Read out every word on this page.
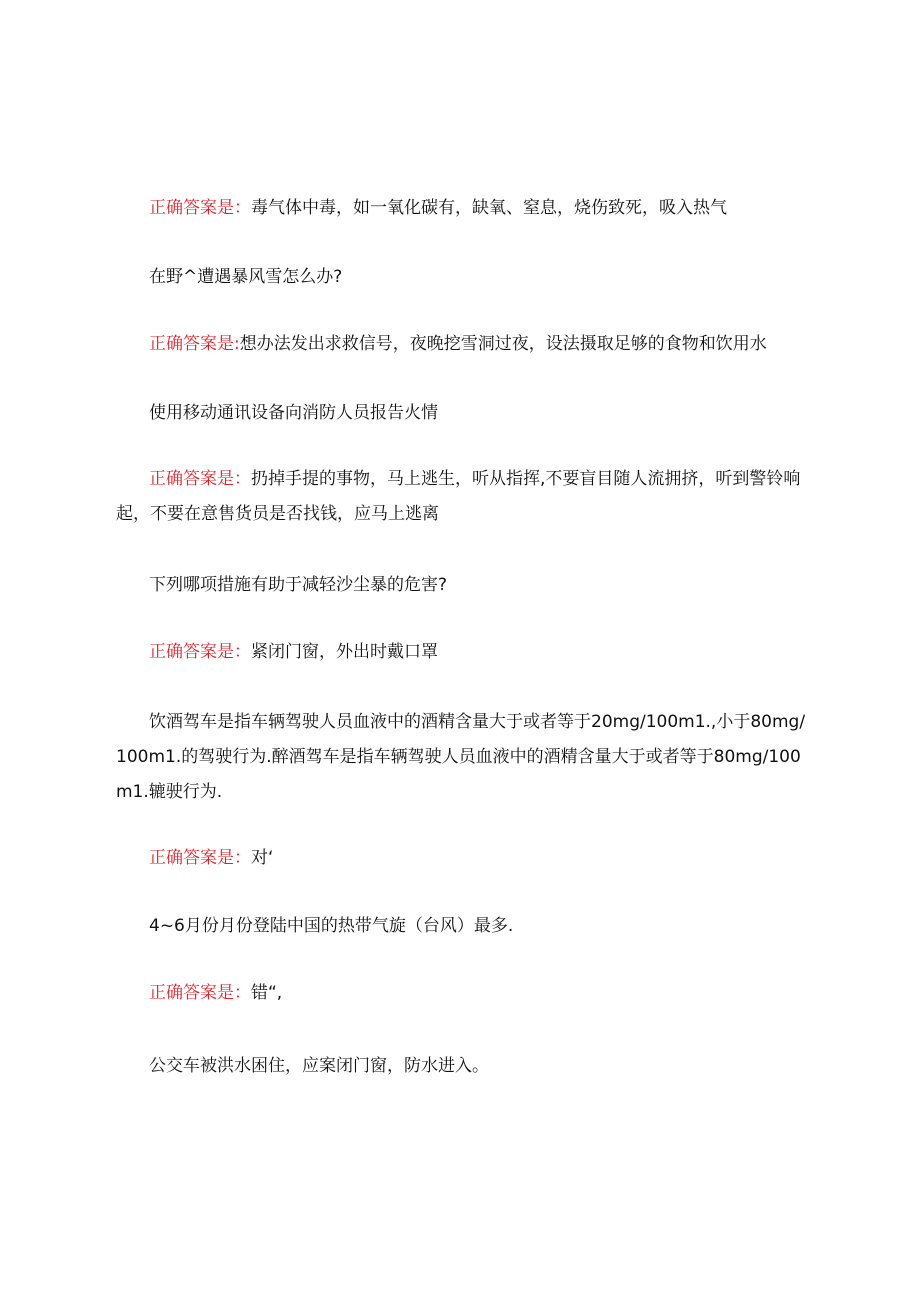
正确答案是：毒气体中毒，如一氧化碳有，缺氧、窒息，烧伤致死，吸入热气

在野^遭遇暴风雪怎么办?

正确答案是:想办法发出求救信号，夜晚挖雪洞过夜，设法摄取足够的食物和饮用水

使用移动通讯设备向消防人员报告火情

正确答案是：扔掉手提的事物，马上逃生，听从指挥,不要盲目随人流拥挤，听到警铃响起，不要在意售货员是否找钱，应马上逃离

下列哪项措施有助于减轻沙尘暴的危害?

正确答案是：紧闭门窗，外出时戴口罩

饮酒驾车是指车辆驾驶人员血液中的酒精含量大于或者等于20mg∕100m1.,小于80mg∕100m1.的驾驶行为.醉酒驾车是指车辆驾驶人员血液中的酒精含量大于或者等于80mg∕100m1.辘驶行为.

正确答案是：对‘

4~6月份月份登陆中国的热带气旋（台风）最多.

正确答案是：错“,

公交车被洪水困住，应案闭门窗，防水进入。
